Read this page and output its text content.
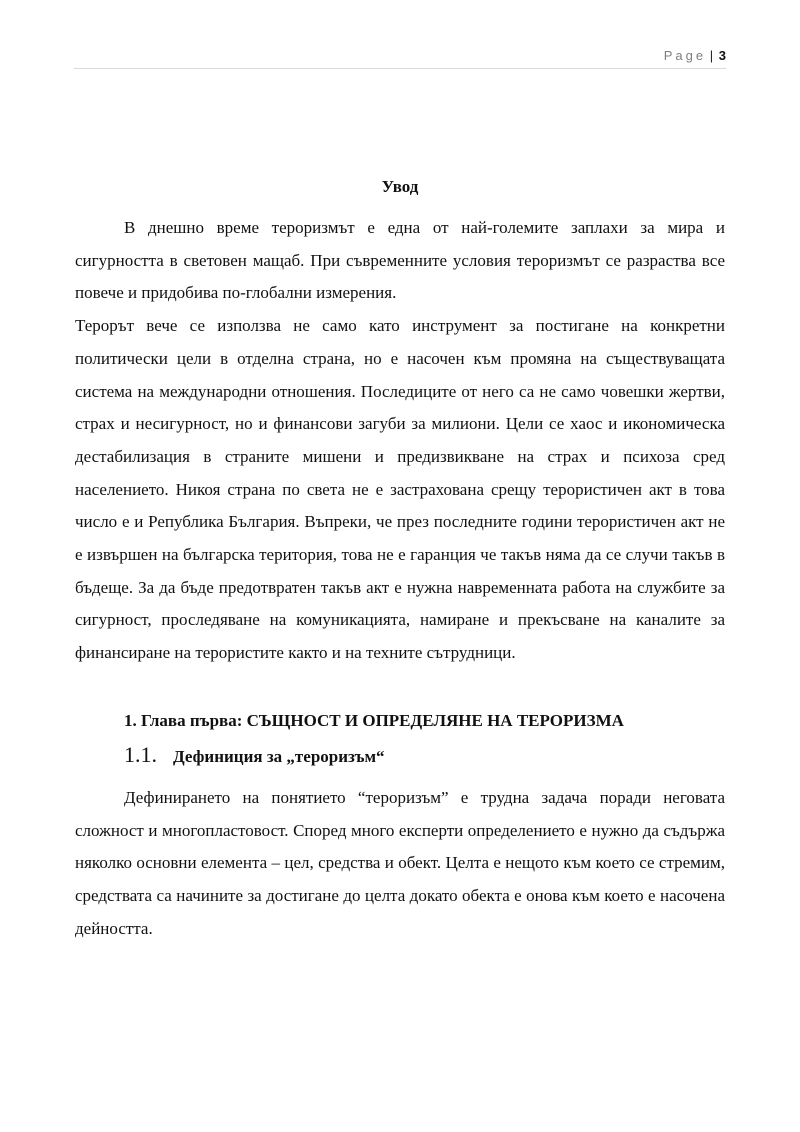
Page | 3
Увод

В днешно време тероризмът е една от най-големите заплахи за мира и сигурността в световен мащаб. При съвременните условия тероризмът се разраства все повече и придобива по-глобални измерения.

Терорът вече се използва не само като инструмент за постигане на конкретни политически цели в отделна страна, но е насочен към промяна на съществуващата система на международни отношения. Последиците от него са не само човешки жертви, страх и несигурност, но и финансови загуби за милиони. Цели се хаос и икономическа дестабилизация в страните мишени и предизвикване на страх и психоза сред населението. Никоя страна по света не е застрахована срещу терористичен акт в това число е и Република България. Въпреки, че през последните години терористичен акт не е извършен на българска територия, това не е гаранция че такъв няма да се случи такъв в бъдеще. За да бъде предотвратен такъв акт е нужна навременната работа на службите за сигурност, проследяване на комуникацията, намиране и прекъсване на каналите за финансиране на терористите както и на техните сътрудници.

1. Глава първа: СЪЩНОСТ И ОПРЕДЕЛЯНЕ НА ТЕРОРИЗМА
1.1. Дефиниция за „тероризъм“

Дефинирането на понятието “тероризъм” е трудна задача поради неговата сложност и многопластовост. Според много експерти определението е нужно да съдържа няколко основни елемента – цел, средства и обект. Целта е нещото към което се стремим, средствата са начините за достигане до целта докато обекта е онова към което е насочена дейността.
